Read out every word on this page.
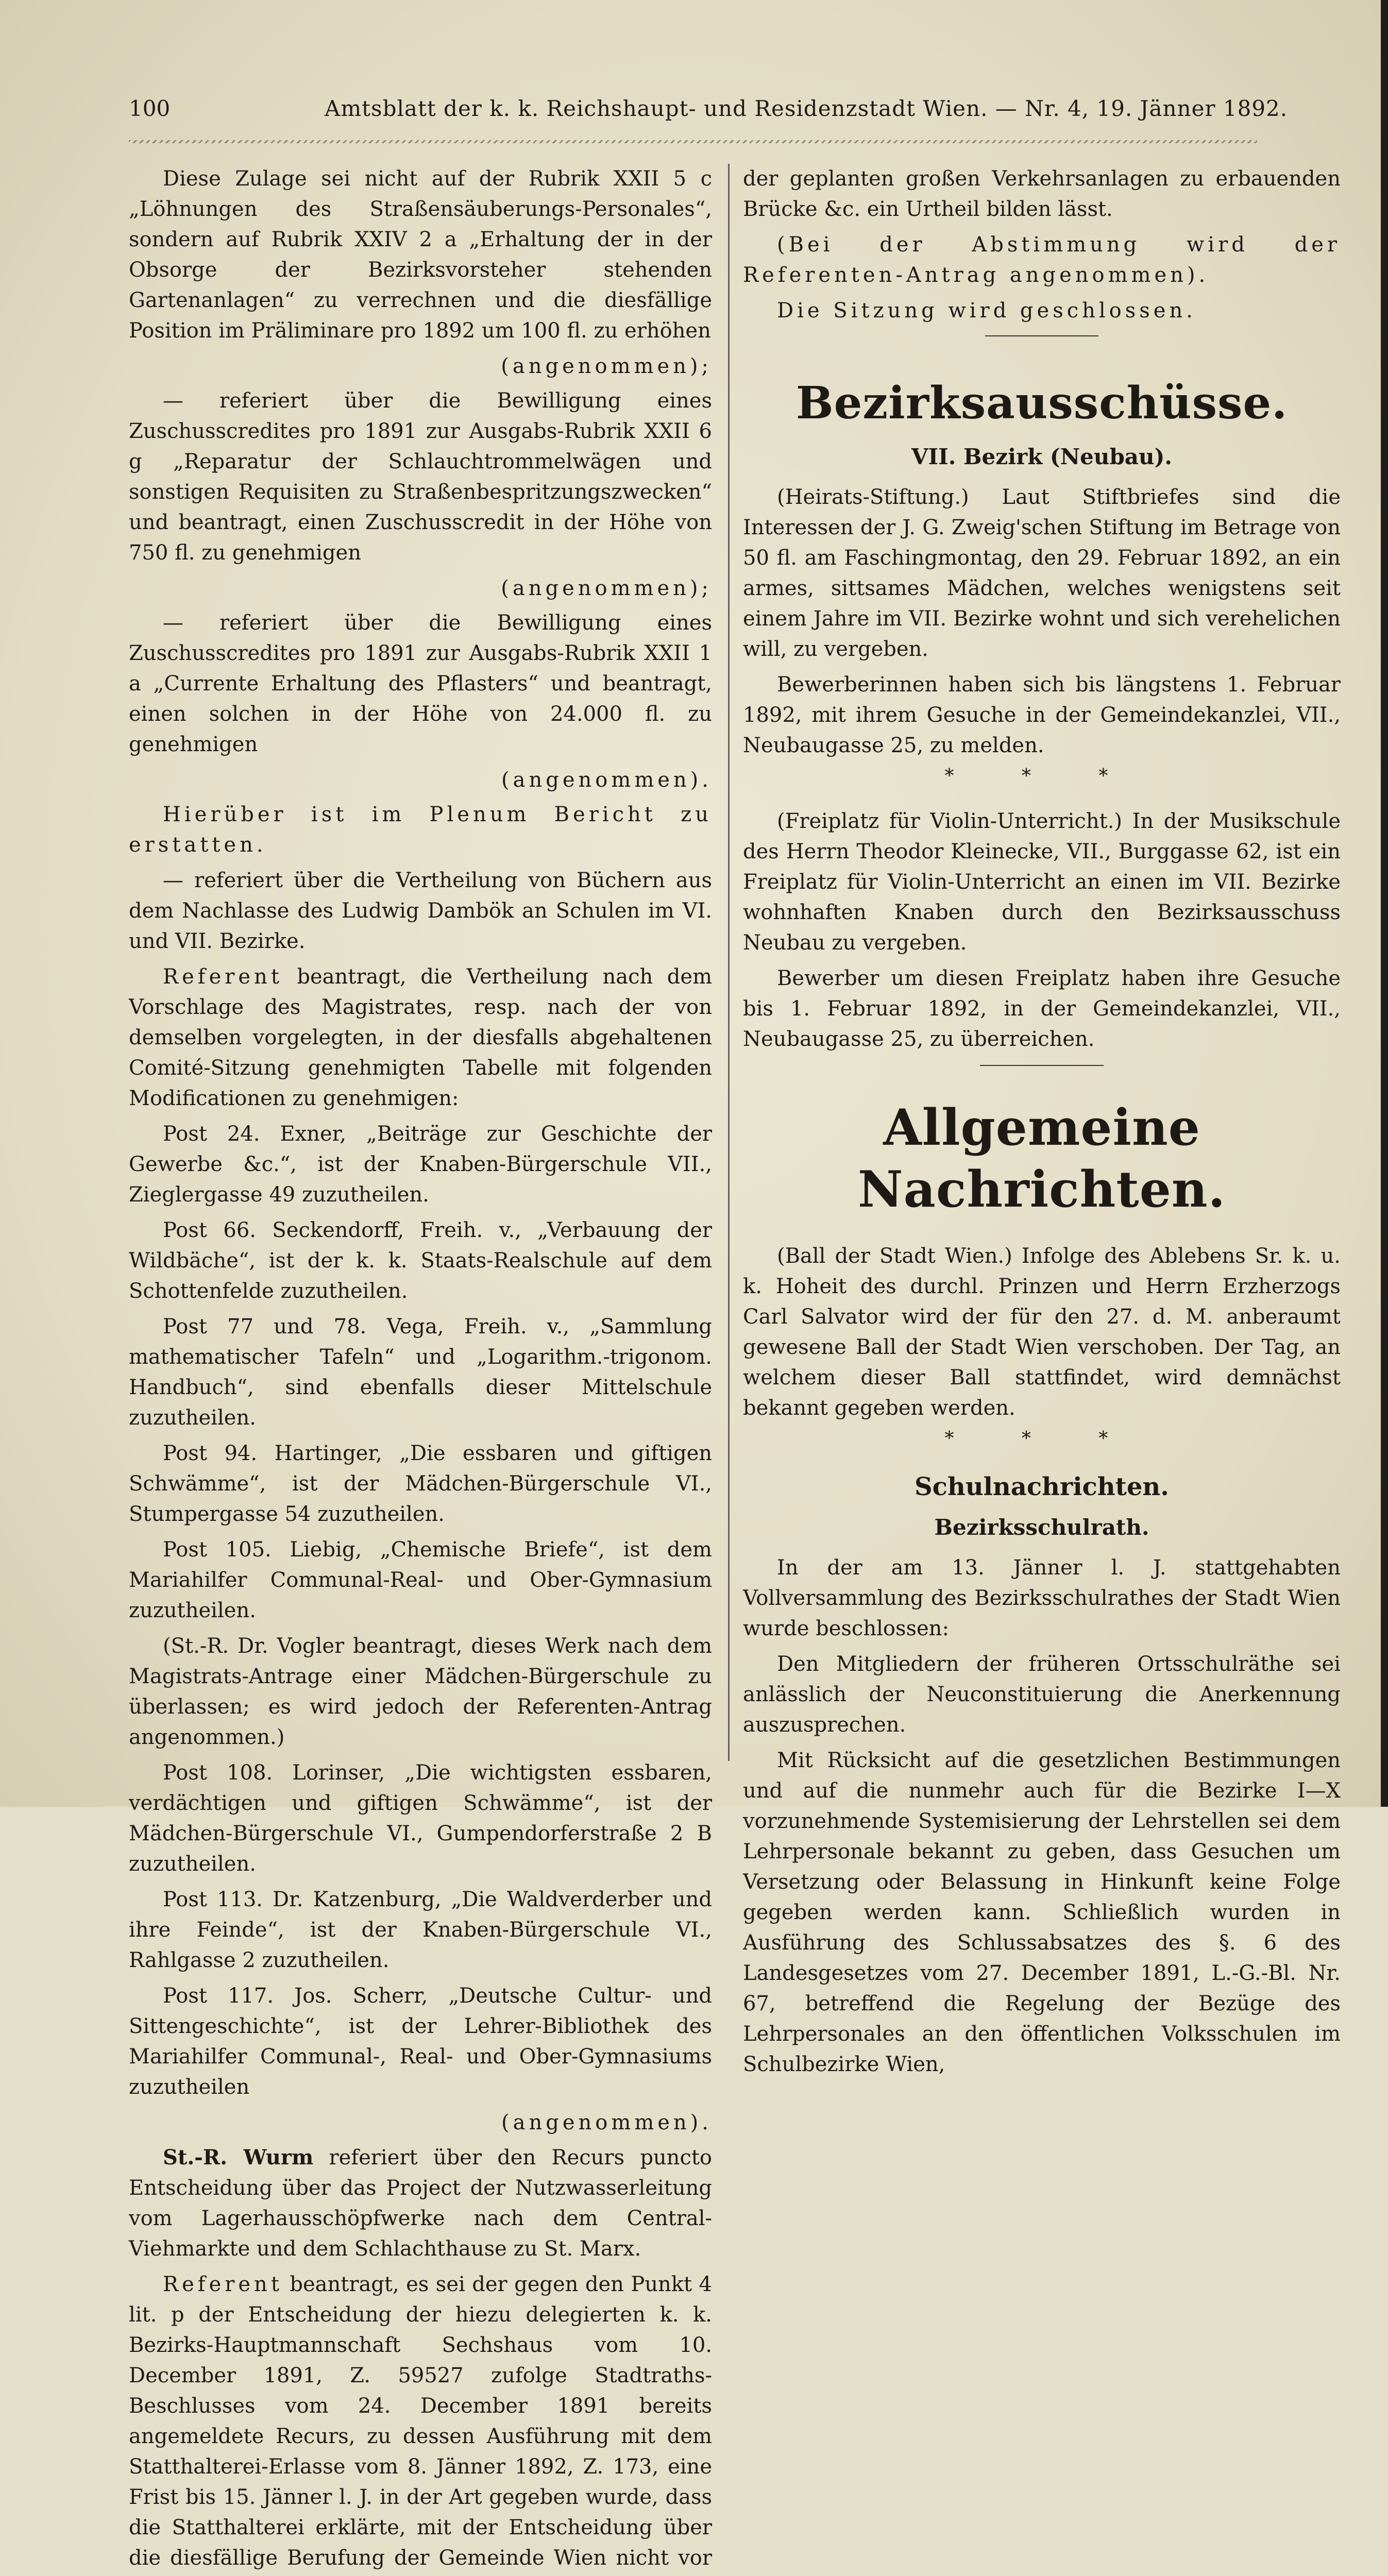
100	Amtsblatt der k. k. Reichshaupt- und Residenzstadt Wien. — Nr. 4, 19. Jänner 1892.

Diese Zulage sei nicht auf der Rubrik XXII 5 c „Löhnungen des Straßensäuberungs-Personales“, sondern auf Rubrik XXIV 2 a „Erhaltung der in der Obsorge der Bezirksvorsteher stehenden Gartenanlagen“ zu verrechnen und die diesfällige Position im Präliminare pro 1892 um 100 fl. zu erhöhen

(angenommen);

— referiert über die Bewilligung eines Zuschusscredites pro 1891 zur Ausgabs-Rubrik XXII 6 g „Reparatur der Schlauchtrommelwägen und sonstigen Requisiten zu Straßenbespritzungszwecken“ und beantragt, einen Zuschusscredit in der Höhe von 750 fl. zu genehmigen

(angenommen);

— referiert über die Bewilligung eines Zuschusscredites pro 1891 zur Ausgabs-Rubrik XXII 1 a „Currente Erhaltung des Pflasters“ und beantragt, einen solchen in der Höhe von 24.000 fl. zu genehmigen

(angenommen).

Hierüber ist im Plenum Bericht zu erstatten.

— referiert über die Vertheilung von Büchern aus dem Nachlasse des Ludwig Dambök an Schulen im VI. und VII. Bezirke.

Referent beantragt, die Vertheilung nach dem Vorschlage des Magistrates, resp. nach der von demselben vorgelegten, in der diesfalls abgehaltenen Comité-Sitzung genehmigten Tabelle mit folgenden Modificationen zu genehmigen:

Post 24. Exner, „Beiträge zur Geschichte der Gewerbe &c.“, ist der Knaben-Bürgerschule VII., Zieglergasse 49 zuzutheilen.

Post 66. Seckendorff, Freih. v., „Verbauung der Wildbäche“, ist der k. k. Staats-Realschule auf dem Schottenfelde zuzutheilen.

Post 77 und 78. Vega, Freih. v., „Sammlung mathematischer Tafeln“ und „Logarithm.-trigonom. Handbuch“, sind ebenfalls dieser Mittelschule zuzutheilen.

Post 94. Hartinger, „Die essbaren und giftigen Schwämme“, ist der Mädchen-Bürgerschule VI., Stumpergasse 54 zuzutheilen.

Post 105. Liebig, „Chemische Briefe“, ist dem Mariahilfer Communal-Real- und Ober-Gymnasium zuzutheilen.

(St.-R. Dr. Vogler beantragt, dieses Werk nach dem Magistrats-Antrage einer Mädchen-Bürgerschule zu überlassen; es wird jedoch der Referenten-Antrag angenommen.)

Post 108. Lorinser, „Die wichtigsten essbaren, verdächtigen und giftigen Schwämme“, ist der Mädchen-Bürgerschule VI., Gumpendorferstraße 2 B zuzutheilen.

Post 113. Dr. Katzenburg, „Die Waldverderber und ihre Feinde“, ist der Knaben-Bürgerschule VI., Rahlgasse 2 zuzutheilen.

Post 117. Jos. Scherr, „Deutsche Cultur- und Sittengeschichte“, ist der Lehrer-Bibliothek des Mariahilfer Communal-, Real- und Ober-Gymnasiums zuzutheilen

(angenommen).

St.-R. Wurm referiert über den Recurs puncto Entscheidung über das Project der Nutzwasserleitung vom Lagerhausschöpfwerke nach dem Central-Viehmarkte und dem Schlachthause zu St. Marx.

Referent beantragt, es sei der gegen den Punkt 4 lit. p der Entscheidung der hiezu delegierten k. k. Bezirks-Hauptmannschaft Sechshaus vom 10. December 1891, Z. 59527 zufolge Stadtraths-Beschlusses vom 24. December 1891 bereits angemeldete Recurs, zu dessen Ausführung mit dem Statthalterei-Erlasse vom 8. Jänner 1892, Z. 173, eine Frist bis 15. Jänner l. J. in der Art gegeben wurde, dass die Statthalterei erklärte, mit der Entscheidung über die diesfällige Berufung der Gemeinde Wien nicht vor

der geplanten großen Verkehrsanlagen zu erbauenden Brücke &c. ein Urtheil bilden lässt.

(Bei der Abstimmung wird der Referenten-Antrag angenommen).

Die Sitzung wird geschlossen.

Bezirksausschüsse.
VII. Bezirk (Neubau).

(Heirats-Stiftung.) Laut Stiftbriefes sind die Interessen der J. G. Zweig'schen Stiftung im Betrage von 50 fl. am Faschingmontag, den 29. Februar 1892, an ein armes, sittsames Mädchen, welches wenigstens seit einem Jahre im VII. Bezirke wohnt und sich verehelichen will, zu vergeben.

Bewerberinnen haben sich bis längstens 1. Februar 1892, mit ihrem Gesuche in der Gemeindekanzlei, VII., Neubaugasse 25, zu melden.

* * *

(Freiplatz für Violin-Unterricht.) In der Musikschule des Herrn Theodor Kleinecke, VII., Burggasse 62, ist ein Freiplatz für Violin-Unterricht an einen im VII. Bezirke wohnhaften Knaben durch den Bezirksausschuss Neubau zu vergeben.

Bewerber um diesen Freiplatz haben ihre Gesuche bis 1. Februar 1892, in der Gemeindekanzlei, VII., Neubaugasse 25, zu überreichen.

Allgemeine Nachrichten.

(Ball der Stadt Wien.) Infolge des Ablebens Sr. k. u. k. Hoheit des durchl. Prinzen und Herrn Erzherzogs Carl Salvator wird der für den 27. d. M. anberaumt gewesene Ball der Stadt Wien verschoben. Der Tag, an welchem dieser Ball stattfindet, wird demnächst bekannt gegeben werden.

* * *
Schulnachrichten.
Bezirksschulrath.

In der am 13. Jänner l. J. stattgehabten Vollversammlung des Bezirksschulrathes der Stadt Wien wurde beschlossen:

Den Mitgliedern der früheren Ortsschulräthe sei anlässlich der Neuconstituierung die Anerkennung auszusprechen.

Mit Rücksicht auf die gesetzlichen Bestimmungen und auf die nunmehr auch für die Bezirke I—X vorzunehmende Systemisierung der Lehrstellen sei dem Lehrpersonale bekannt zu geben, dass Gesuchen um Versetzung oder Belassung in Hinkunft keine Folge gegeben werden kann. Schließlich wurden in Ausführung des Schlussabsatzes des §. 6 des Landesgesetzes vom 27. December 1891, L.-G.-Bl. Nr. 67, betreffend die Regelung der Bezüge des Lehrpersonales an den öffentlichen Volksschulen im Schulbezirke Wien,
